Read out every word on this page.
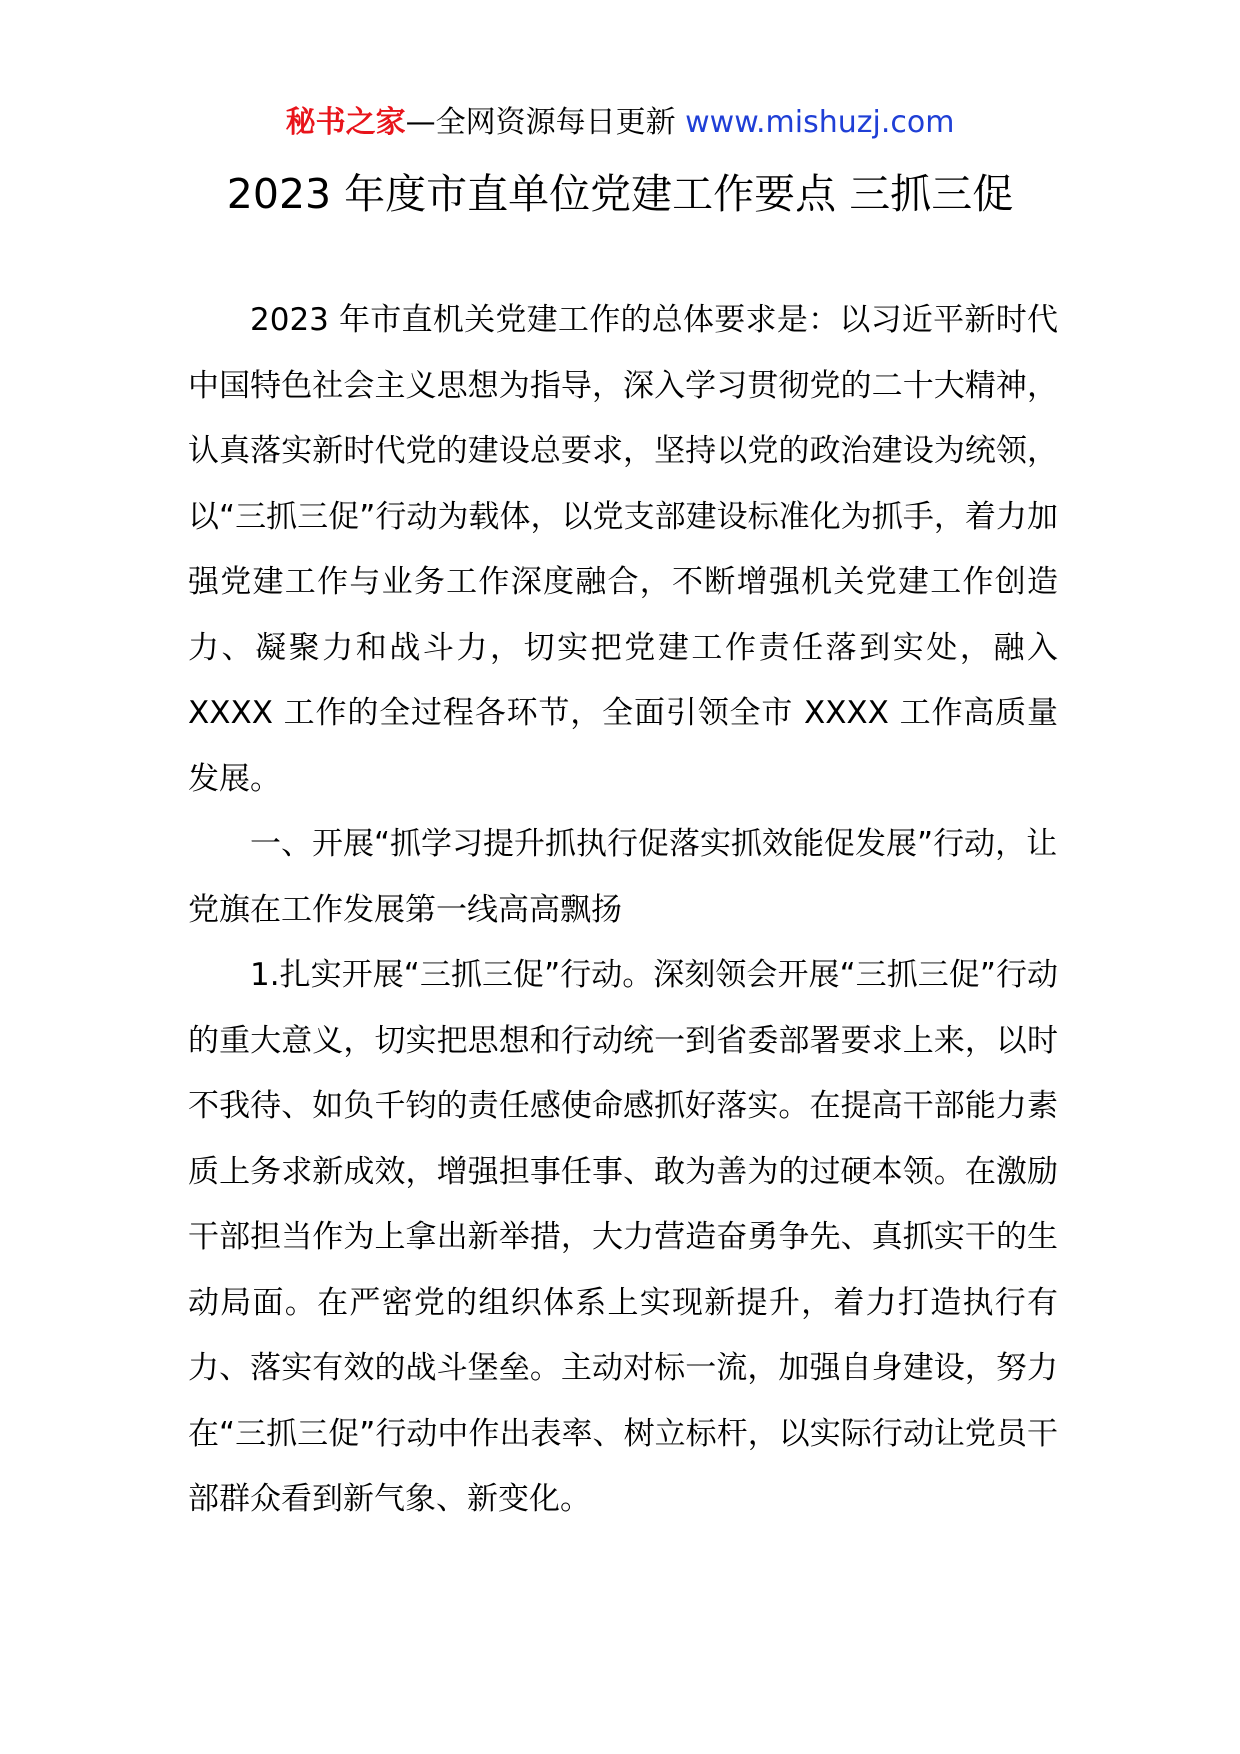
秘书之家—全网资源每日更新 www.mishuzj.com
2023 年度市直单位党建工作要点 三抓三促

2023 年市直机关党建工作的总体要求是：以习近平新时代中国特色社会主义思想为指导，深入学习贯彻党的二十大精神，认真落实新时代党的建设总要求，坚持以党的政治建设为统领，以“三抓三促”行动为载体，以党支部建设标准化为抓手，着力加强党建工作与业务工作深度融合，不断增强机关党建工作创造力、凝聚力和战斗力，切实把党建工作责任落到实处，融入 XXXX 工作的全过程各环节，全面引领全市 XXXX 工作高质量发展。

一、开展“抓学习提升抓执行促落实抓效能促发展”行动，让党旗在工作发展第一线高高飘扬

1.扎实开展“三抓三促”行动。深刻领会开展“三抓三促”行动的重大意义，切实把思想和行动统一到省委部署要求上来，以时不我待、如负千钧的责任感使命感抓好落实。在提高干部能力素质上务求新成效，增强担事任事、敢为善为的过硬本领。在激励干部担当作为上拿出新举措，大力营造奋勇争先、真抓实干的生动局面。在严密党的组织体系上实现新提升，着力打造执行有力、落实有效的战斗堡垒。主动对标一流，加强自身建设，努力在“三抓三促”行动中作出表率、树立标杆，以实际行动让党员干部群众看到新气象、新变化。
